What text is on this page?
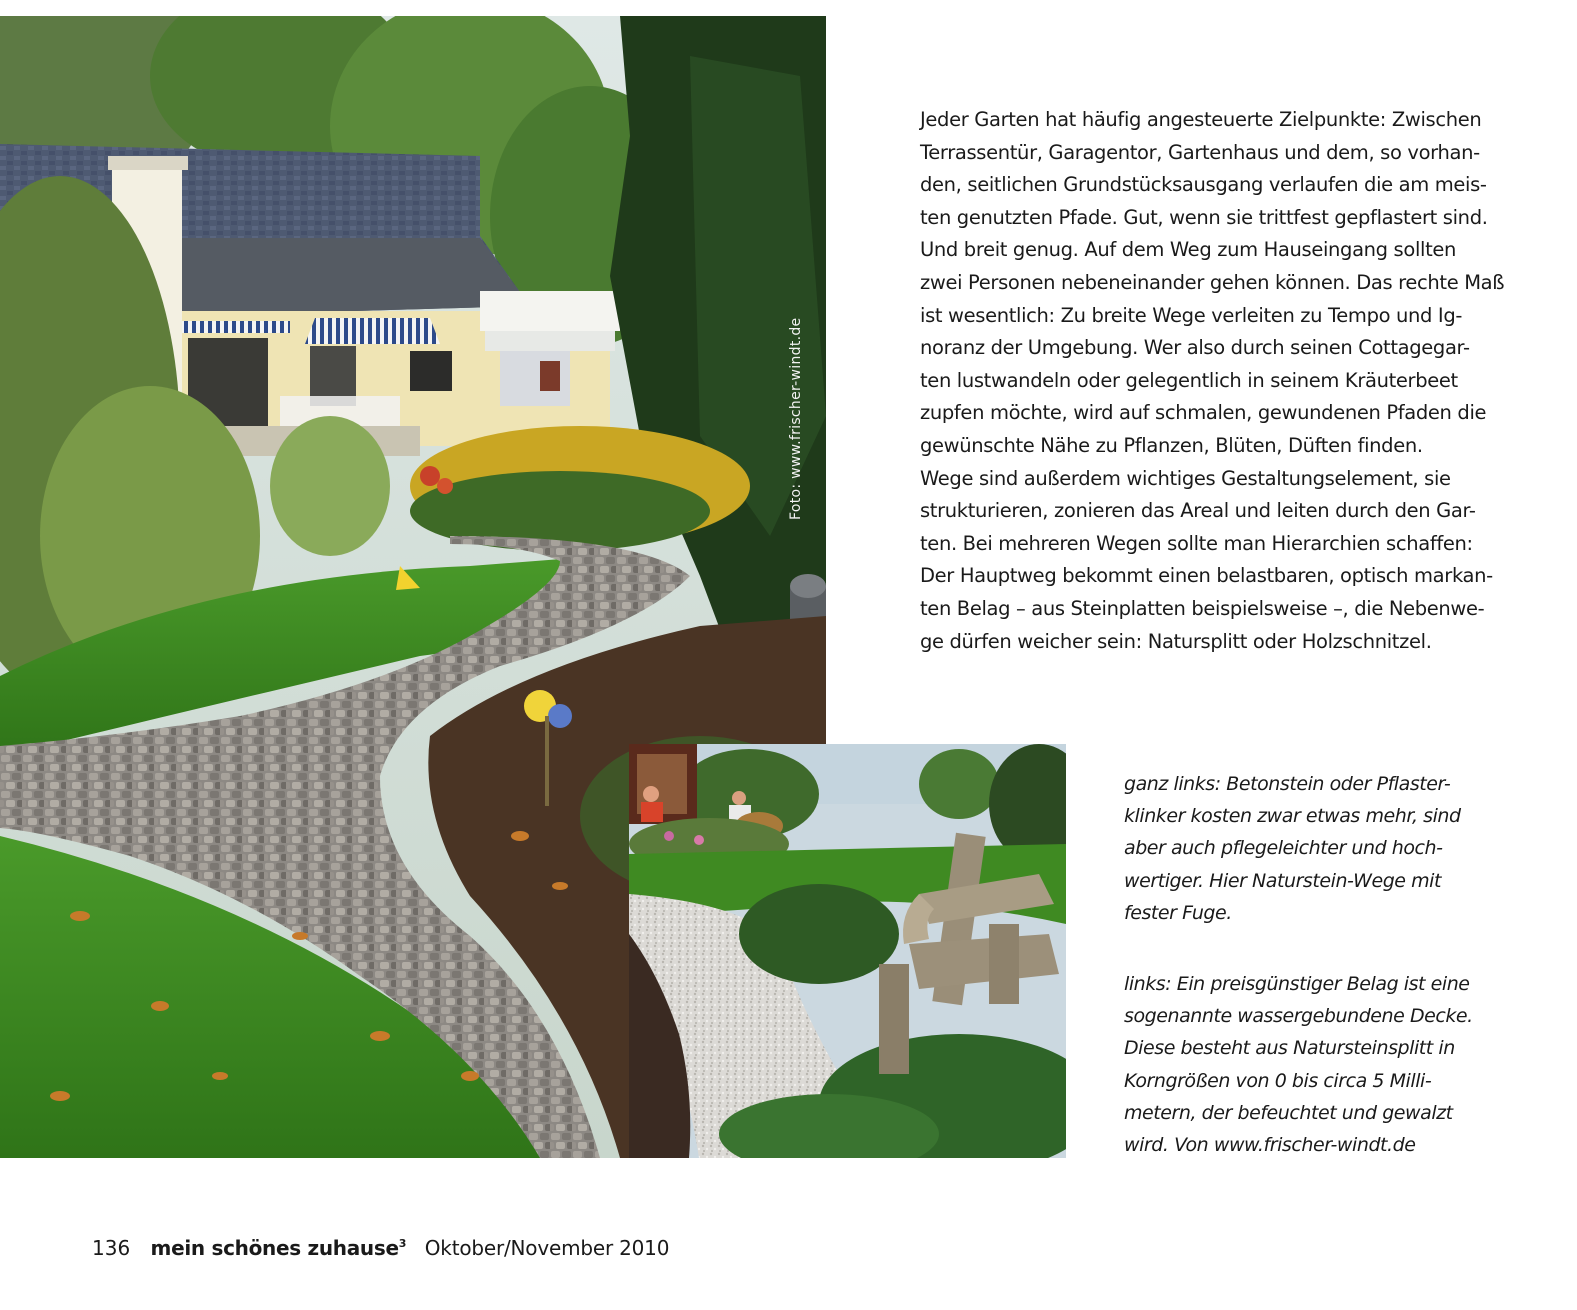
Foto: www.frischer-windt.de
Jeder Garten hat häufig angesteuerte Zielpunkte: Zwischen
Terrassentür, Garagentor, Gartenhaus und dem, so vorhan-
den, seitlichen Grundstücksausgang verlaufen die am meis-
ten genutzten Pfade. Gut, wenn sie trittfest gepflastert sind.
Und breit genug. Auf dem Weg zum Hauseingang sollten
zwei Personen nebeneinander gehen können. Das rechte Maß
ist wesentlich: Zu breite Wege verleiten zu Tempo und Ig-
noranz der Umgebung. Wer also durch seinen Cottagegar-
ten lustwandeln oder gelegentlich in seinem Kräuterbeet
zupfen möchte, wird auf schmalen, gewundenen Pfaden die
gewünschte Nähe zu Pflanzen, Blüten, Düften finden.
Wege sind außerdem wichtiges Gestaltungselement, sie
strukturieren, zonieren das Areal und leiten durch den Gar-
ten. Bei mehreren Wegen sollte man Hierarchien schaffen:
Der Hauptweg bekommt einen belastbaren, optisch markan-
ten Belag – aus Steinplatten beispielsweise –, die Nebenwe-
ge dürfen weicher sein: Natursplitt oder Holzschnitzel.
ganz links: Betonstein oder Pflaster-
klinker kosten zwar etwas mehr, sind
aber auch pflegeleichter und hoch-
wertiger. Hier Naturstein-Wege mit
fester Fuge.
links: Ein preisgünstiger Belag ist eine
sogenannte wassergebundene Decke.
Diese besteht aus Natursteinsplitt in
Korngrößen von 0 bis circa 5 Milli-
metern, der befeuchtet und gewalzt
wird. Von www.frischer-windt.de
136 mein schönes zuhause$^3$ Oktober/November 2010
